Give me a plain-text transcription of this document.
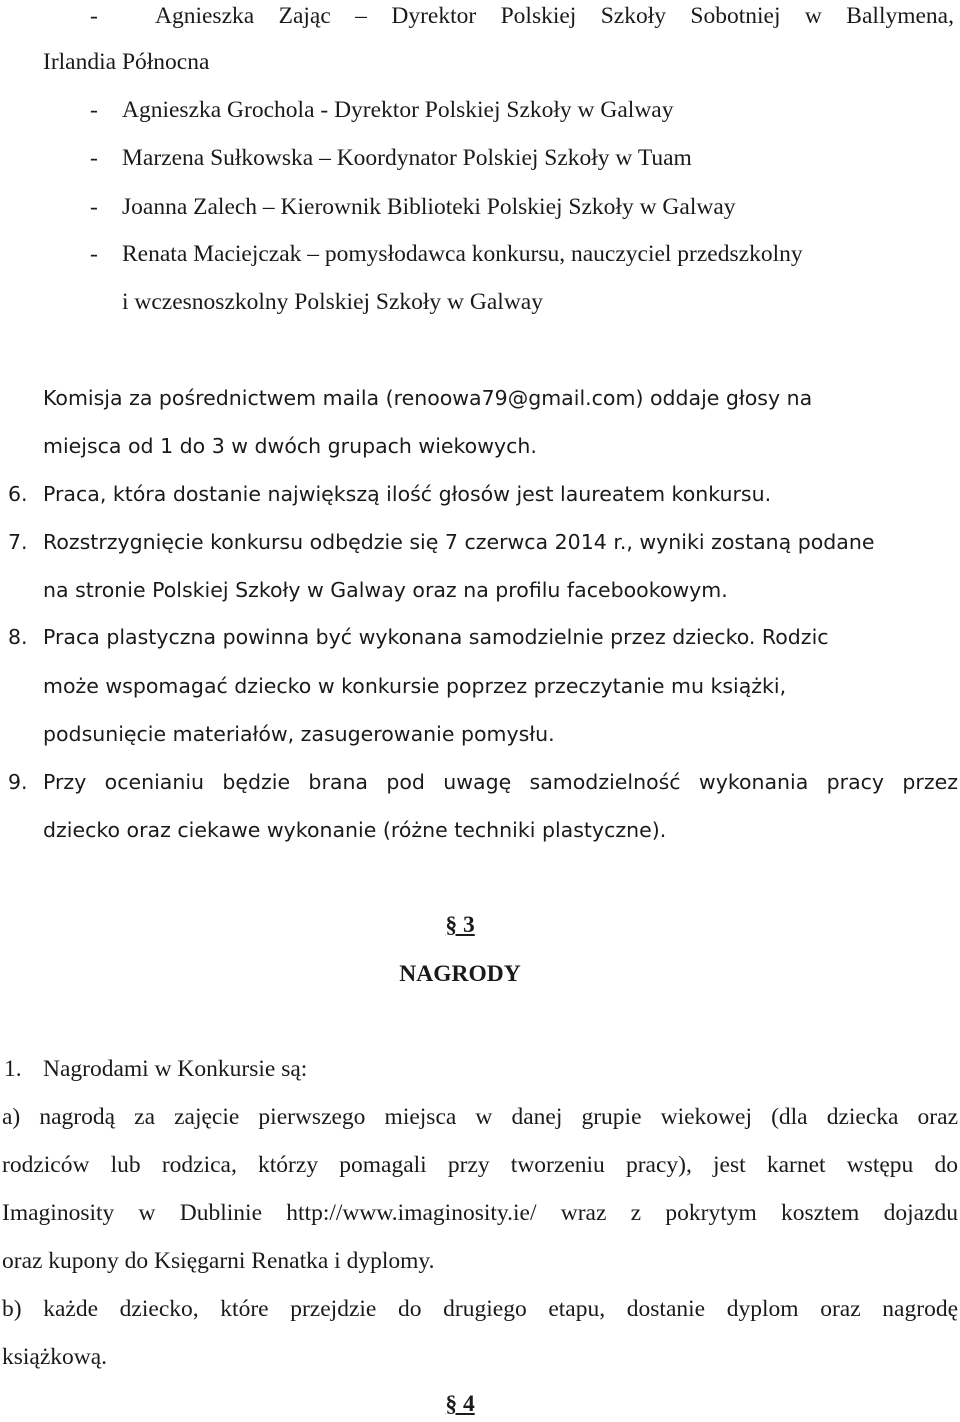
- Agnieszka Zając – Dyrektor Polskiej Szkoły Sobotniej w Ballymena,
Irlandia Północna
- Agnieszka Grochola - Dyrektor Polskiej Szkoły w Galway
- Marzena Sułkowska – Koordynator Polskiej Szkoły w Tuam
- Joanna Zalech – Kierownik Biblioteki Polskiej Szkoły w Galway
- Renata Maciejczak – pomysłodawca konkursu, nauczyciel przedszkolny
i wczesnoszkolny Polskiej Szkoły w Galway
Komisja za pośrednictwem maila (renoowa79@gmail.com) oddaje głosy na
miejsca od 1 do 3 w dwóch grupach wiekowych.
6. Praca, która dostanie największą ilość głosów jest laureatem konkursu.
7. Rozstrzygnięcie konkursu odbędzie się 7 czerwca 2014 r., wyniki zostaną podane
na stronie Polskiej Szkoły w Galway oraz na profilu facebookowym.
8. Praca plastyczna powinna być wykonana samodzielnie przez dziecko. Rodzic
może wspomagać dziecko w konkursie poprzez przeczytanie mu książki,
podsunięcie materiałów, zasugerowanie pomysłu.
9. Przy ocenianiu będzie brana pod uwagę samodzielność wykonania pracy przez
dziecko oraz ciekawe wykonanie (różne techniki plastyczne).
§ 3
NAGRODY
1. Nagrodami w Konkursie są:
a) nagrodą za zajęcie pierwszego miejsca w danej grupie wiekowej (dla dziecka oraz
rodziców lub rodzica, którzy pomagali przy tworzeniu pracy), jest karnet wstępu do
Imaginosity w Dublinie http://www.imaginosity.ie/ wraz z pokrytym kosztem dojazdu
oraz kupony do Księgarni Renatka i dyplomy.
b) każde dziecko, które przejdzie do drugiego etapu, dostanie dyplom oraz nagrodę
książkową.
§ 4
